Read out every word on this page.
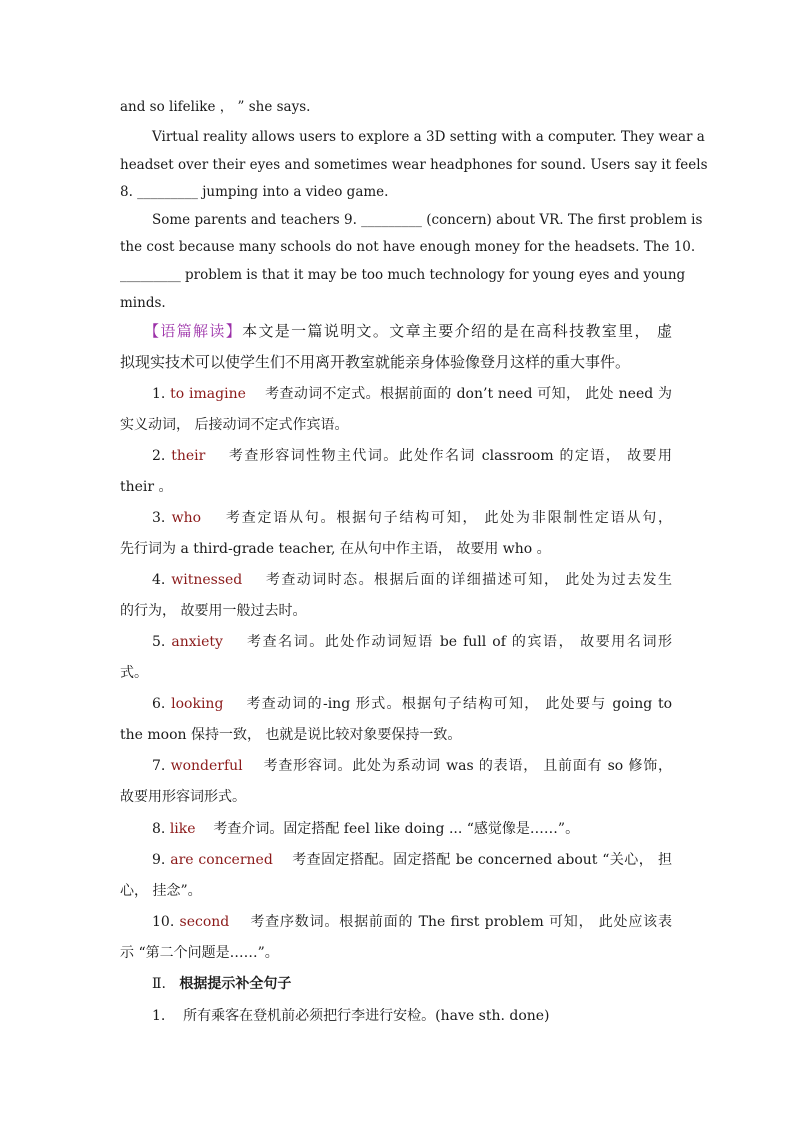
and so lifelike ， ” she says.
Virtual reality allows users to explore a 3D setting with a computer. They wear a
headset over their eyes and sometimes wear headphones for sound. Users say it feels
8. _________ jumping into a video game.
Some parents and teachers 9. _________ (concern) about VR. The first problem is
the cost because many schools do not have enough money for the headsets. The 10.
_________ problem is that it may be too much technology for young eyes and young
minds.
【语篇解读】本文是一篇说明文。文章主要介绍的是在高科技教室里， 虚
拟现实技术可以使学生们不用离开教室就能亲身体验像登月这样的重大事件。
1. to imagine 考查动词不定式。根据前面的 don’t need 可知， 此处 need 为
实义动词， 后接动词不定式作宾语。
2. their 考查形容词性物主代词。此处作名词 classroom 的定语， 故要用
their 。
3. who 考查定语从句。根据句子结构可知， 此处为非限制性定语从句，
先行词为 a third-grade teacher, 在从句中作主语， 故要用 who 。
4. witnessed 考查动词时态。根据后面的详细描述可知， 此处为过去发生
的行为， 故要用一般过去时。
5. anxiety 考查名词。此处作动词短语 be full of 的宾语， 故要用名词形
式。
6. looking 考查动词的-ing 形式。根据句子结构可知， 此处要与 going to
the moon 保持一致， 也就是说比较对象要保持一致。
7. wonderful 考查形容词。此处为系动词 was 的表语， 且前面有 so 修饰，
故要用形容词形式。
8. like 考查介词。固定搭配 feel like doing ... “感觉像是……”。
9. are concerned 考查固定搭配。固定搭配 be concerned about “关心， 担
心， 挂念”。
10. second 考查序数词。根据前面的 The first problem 可知， 此处应该表
示 “第二个问题是……”。
Ⅱ. 根据提示补全句子
1. 所有乘客在登机前必须把行李进行安检。(have sth. done)
